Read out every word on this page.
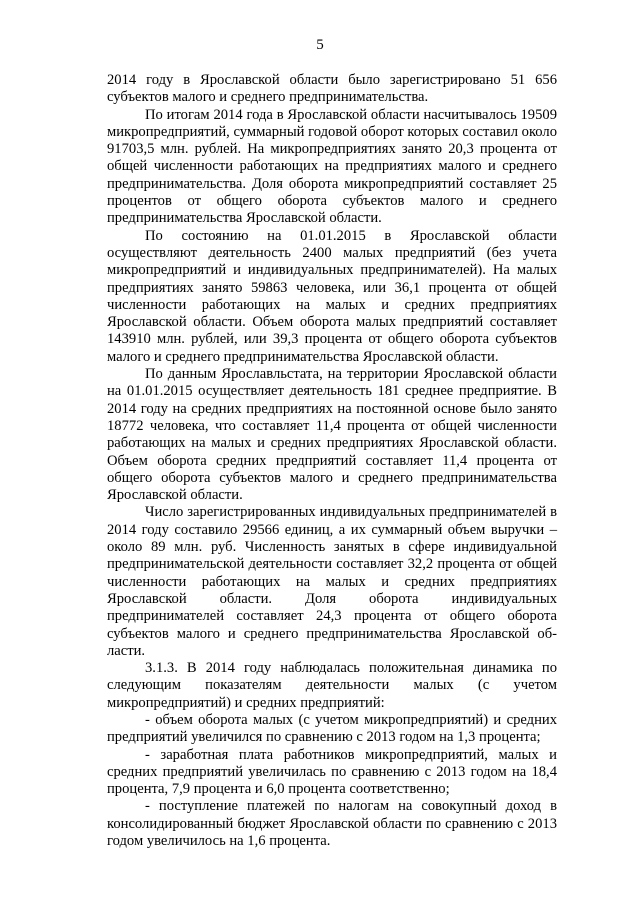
5

2014 году в Ярославской области было зарегистрировано 51 656 субъектов малого и среднего предпринимательства.

По итогам 2014 года в Ярославской области насчитывалось 19509 микропредприятий, суммарный годовой оборот которых составил около 91703,5 млн. рублей. На микропредприятиях занято 20,3 процента от общей численности работающих на предприятиях малого и среднего предпринимательства. Доля оборота микропредприятий составляет 25 процентов от общего оборота субъектов малого и среднего предпринимательства Ярославской области.

По состоянию на 01.01.2015 в Ярославской области осуществляют деятельность 2400 малых предприятий (без учета микропредприятий и индивидуальных предпринимателей). На малых предприятиях занято 59863 человека, или 36,1 процента от общей численности работающих на малых и средних предприятиях Ярославской области. Объем оборота малых предприятий составляет 143910 млн. рублей, или 39,3 процента от общего оборота субъектов малого и среднего предпринимательства Ярославской области.

По данным Ярославльстата, на территории Ярославской области на 01.01.2015 осуществляет деятельность 181 среднее предприятие. В 2014 году на средних предприятиях на постоянной основе было занято 18772 человека, что составляет 11,4 процента от общей численности работающих на малых и средних предприятиях Ярославской области. Объем оборота средних предприятий составляет 11,4 процента от общего оборота субъектов малого и среднего предпринимательства Ярославской области.

Число зарегистрированных индивидуальных предпринимателей в 2014 году составило 29566 единиц, а их суммарный объем выручки – около 89 млн. руб. Численность занятых в сфере индивидуальной предпринимательской деятельности составляет 32,2 процента от общей численности работающих на малых и средних предприятиях Ярославской области. Доля оборота индивидуальных предпринимателей составляет 24,3 процента от общего оборота субъектов малого и среднего предпринимательства Ярославской области.

3.1.3. В 2014 году наблюдалась положительная динамика по следующим показателям деятельности малых (с учетом микропредприятий) и средних предприятий:

- объем оборота малых (с учетом микропредприятий) и средних предприятий увеличился по сравнению с 2013 годом на 1,3 процента;

- заработная плата работников микропредприятий, малых и средних предприятий увеличилась по сравнению с 2013 годом на 18,4 процента, 7,9 процента и 6,0 процента соответственно;

- поступление платежей по налогам на совокупный доход в консолидированный бюджет Ярославской области по сравнению с 2013 годом увеличилось на 1,6 процента.
